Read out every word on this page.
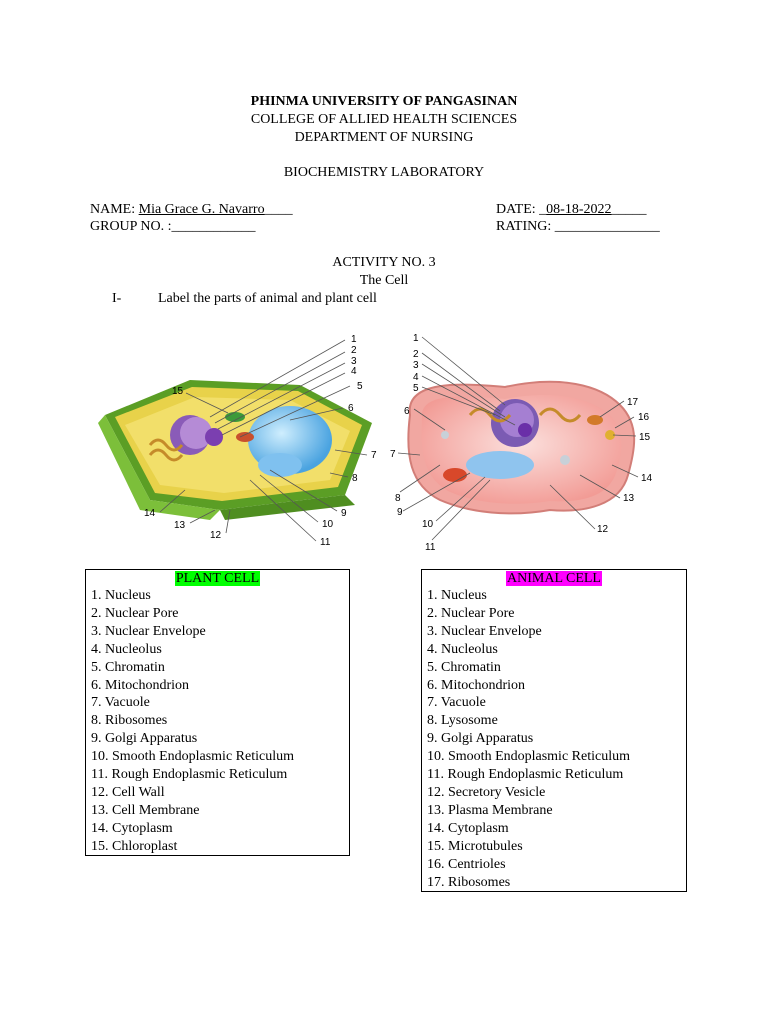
PHINMA UNIVERSITY OF PANGASINAN
COLLEGE OF ALLIED HEALTH SCIENCES
DEPARTMENT OF NURSING
BIOCHEMISTRY LABORATORY
NAME: Mia Grace G. Navarro____	DATE: _08-18-2022_____
GROUP NO. :____________	RATING: _______________
ACTIVITY NO. 3
The Cell
I-	Label the parts of animal and plant cell
1
2
3
4
5
6
7
8
9
10
11
12
13
14
15
1
2
3
4
5
6
7
8
9
10
11
12
13
14
15
16
17
PLANT CELL
1. Nucleus
2. Nuclear Pore
3. Nuclear Envelope
4. Nucleolus
5. Chromatin
6. Mitochondrion
7. Vacuole
8. Ribosomes
9. Golgi Apparatus
10. Smooth Endoplasmic Reticulum
11. Rough Endoplasmic Reticulum
12. Cell Wall
13. Cell Membrane
14. Cytoplasm
15. Chloroplast
ANIMAL CELL
1. Nucleus
2. Nuclear Pore
3. Nuclear Envelope
4. Nucleolus
5. Chromatin
6. Mitochondrion
7. Vacuole
8. Lysosome
9. Golgi Apparatus
10. Smooth Endoplasmic Reticulum
11. Rough Endoplasmic Reticulum
12. Secretory Vesicle
13. Plasma Membrane
14. Cytoplasm
15. Microtubules
16. Centrioles
17. Ribosomes
